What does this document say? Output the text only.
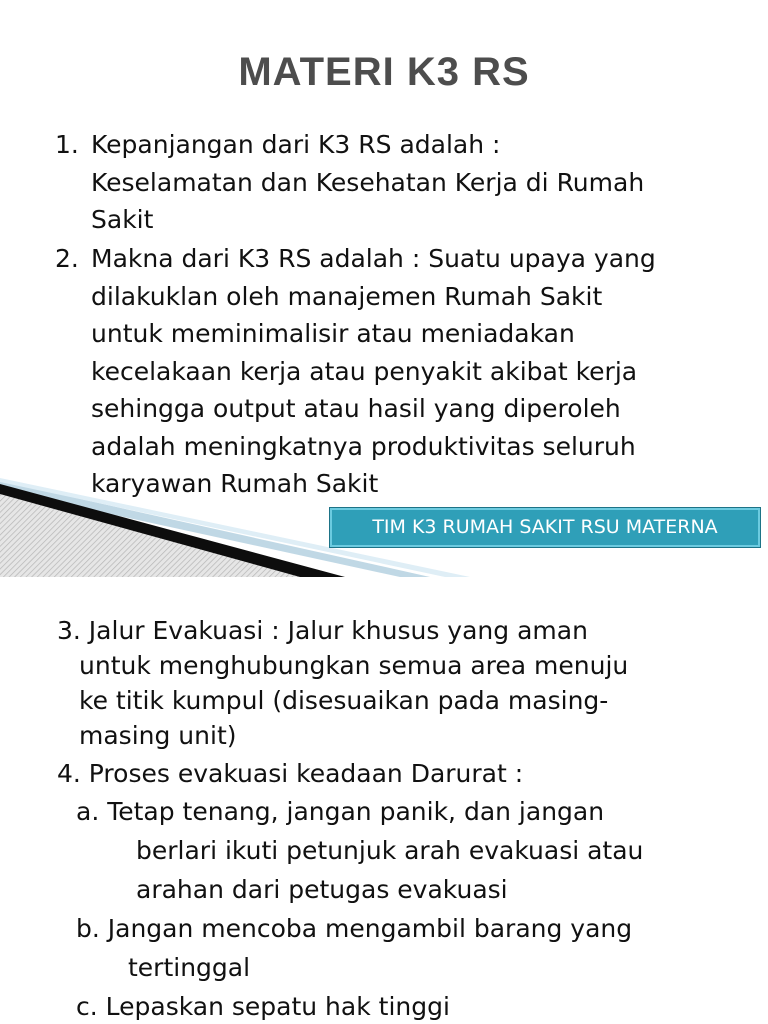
MATERI K3 RS
1. Kepanjangan dari K3 RS adalah :
Keselamatan dan Kesehatan Kerja di Rumah
Sakit
2. Makna dari K3 RS adalah : Suatu upaya yang
dilakuklan oleh manajemen Rumah Sakit
untuk meminimalisir atau meniadakan
kecelakaan kerja atau penyakit akibat kerja
sehingga output atau hasil yang diperoleh
adalah meningkatnya produktivitas seluruh
karyawan Rumah Sakit
TIM K3 RUMAH SAKIT RSU MATERNA
3. Jalur Evakuasi : Jalur khusus yang aman
untuk menghubungkan semua area menuju
ke titik kumpul (disesuaikan pada masing-
masing unit)
4. Proses evakuasi keadaan Darurat :
a. Tetap tenang, jangan panik, dan jangan
berlari ikuti petunjuk arah evakuasi atau
arahan dari petugas evakuasi
b. Jangan mencoba mengambil barang yang
tertinggal
c. Lepaskan sepatu hak tinggi
